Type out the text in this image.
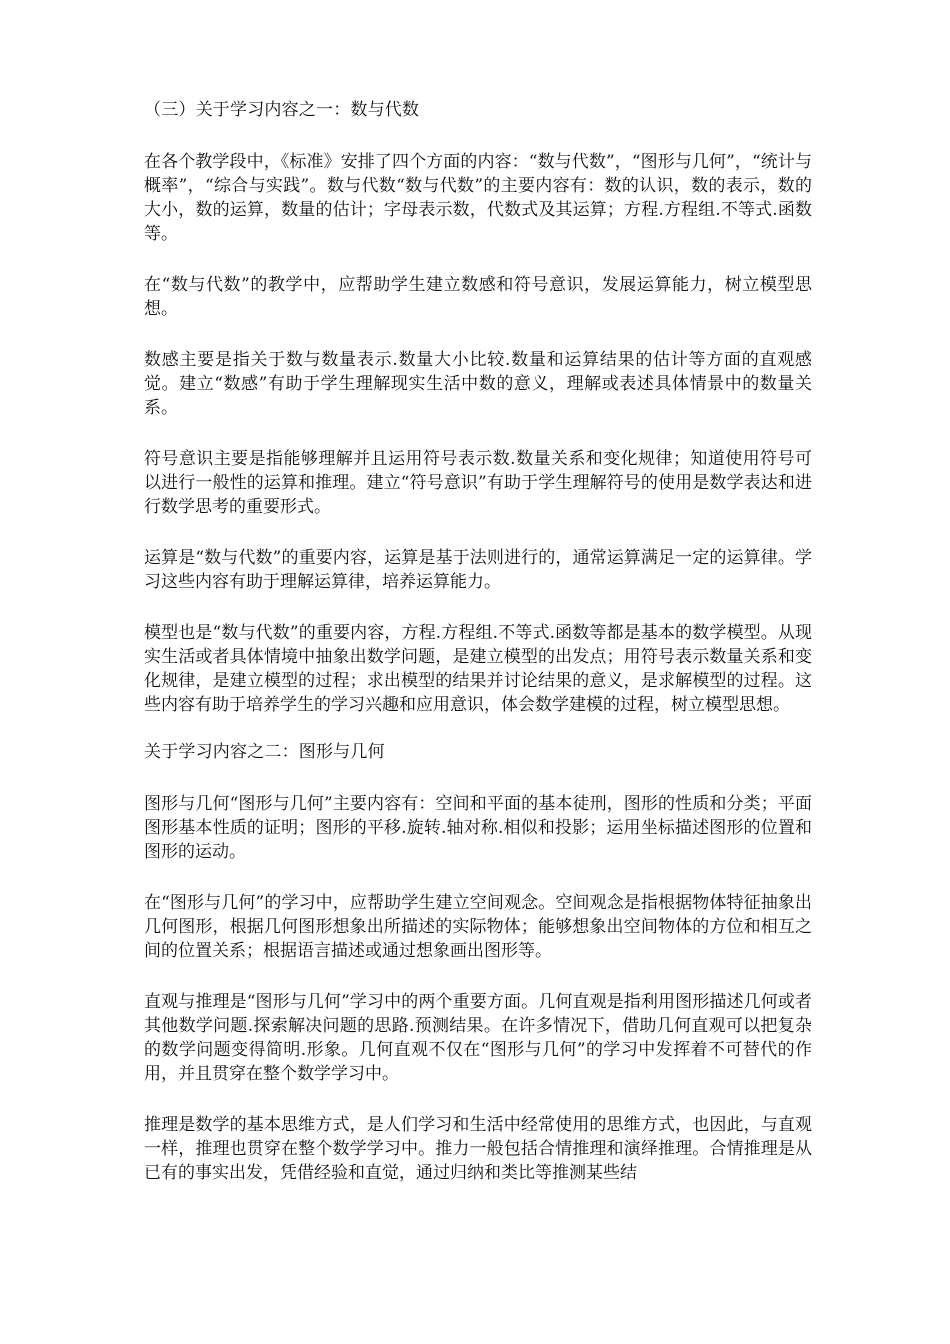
（三）关于学习内容之一：数与代数

在各个教学段中，《标准》安排了四个方面的内容：“数与代数”，“图形与几何”，“统计与概率”，“综合与实践”。数与代数“数与代数”的主要内容有：数的认识，数的表示，数的大小，数的运算，数量的估计；字母表示数，代数式及其运算；方程.方程组.不等式.函数等。

在“数与代数”的教学中，应帮助学生建立数感和符号意识，发展运算能力，树立模型思想。

数感主要是指关于数与数量表示.数量大小比较.数量和运算结果的估计等方面的直观感觉。建立“数感”有助于学生理解现实生活中数的意义，理解或表述具体情景中的数量关系。

符号意识主要是指能够理解并且运用符号表示数.数量关系和变化规律；知道使用符号可以进行一般性的运算和推理。建立“符号意识”有助于学生理解符号的使用是数学表达和进行数学思考的重要形式。

运算是“数与代数”的重要内容，运算是基于法则进行的，通常运算满足一定的运算律。学习这些内容有助于理解运算律，培养运算能力。

模型也是“数与代数”的重要内容，方程.方程组.不等式.函数等都是基本的数学模型。从现实生活或者具体情境中抽象出数学问题，是建立模型的出发点；用符号表示数量关系和变化规律，是建立模型的过程；求出模型的结果并讨论结果的意义，是求解模型的过程。这些内容有助于培养学生的学习兴趣和应用意识，体会数学建模的过程，树立模型思想。

关于学习内容之二：图形与几何

图形与几何“图形与几何”主要内容有：空间和平面的基本徒刑，图形的性质和分类；平面图形基本性质的证明；图形的平移.旋转.轴对称.相似和投影；运用坐标描述图形的位置和图形的运动。

在“图形与几何”的学习中，应帮助学生建立空间观念。空间观念是指根据物体特征抽象出几何图形，根据几何图形想象出所描述的实际物体；能够想象出空间物体的方位和相互之间的位置关系；根据语言描述或通过想象画出图形等。

直观与推理是“图形与几何”学习中的两个重要方面。几何直观是指利用图形描述几何或者其他数学问题.探索解决问题的思路.预测结果。在许多情况下，借助几何直观可以把复杂的数学问题变得简明.形象。几何直观不仅在“图形与几何”的学习中发挥着不可替代的作用，并且贯穿在整个数学学习中。

推理是数学的基本思维方式，是人们学习和生活中经常使用的思维方式，也因此，与直观一样，推理也贯穿在整个数学学习中。推力一般包括合情推理和演绎推理。合情推理是从已有的事实出发，凭借经验和直觉，通过归纳和类比等推测某些结
